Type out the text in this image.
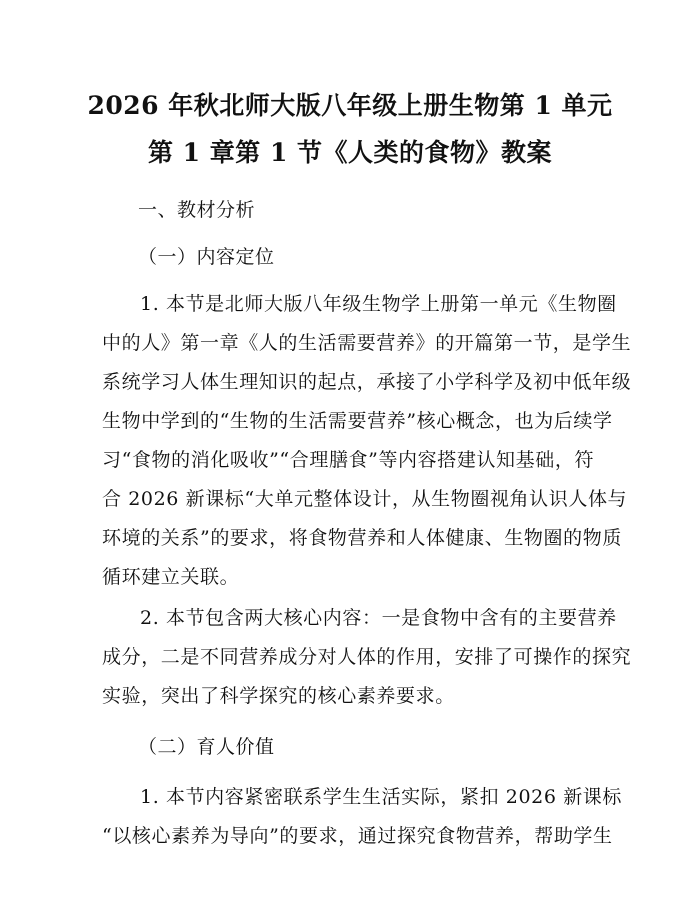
2026 年秋北师大版八年级上册生物第 1 单元
第 1 章第 1 节《人类的食物》教案
一、教材分析
（一）内容定位
1. 本节是北师大版八年级生物学上册第一单元《生物圈
中的人》第一章《人的生活需要营养》的开篇第一节，是学生
系统学习人体生理知识的起点，承接了小学科学及初中低年级
生物中学到的“生物的生活需要营养”核心概念，也为后续学
习“食物的消化吸收”“合理膳食”等内容搭建认知基础，符
合 2026 新课标“大单元整体设计，从生物圈视角认识人体与
环境的关系”的要求，将食物营养和人体健康、生物圈的物质
循环建立关联。
2. 本节包含两大核心内容：一是食物中含有的主要营养
成分，二是不同营养成分对人体的作用，安排了可操作的探究
实验，突出了科学探究的核心素养要求。
（二）育人价值
1. 本节内容紧密联系学生生活实际，紧扣 2026 新课标
“以核心素养为导向”的要求，通过探究食物营养，帮助学生
